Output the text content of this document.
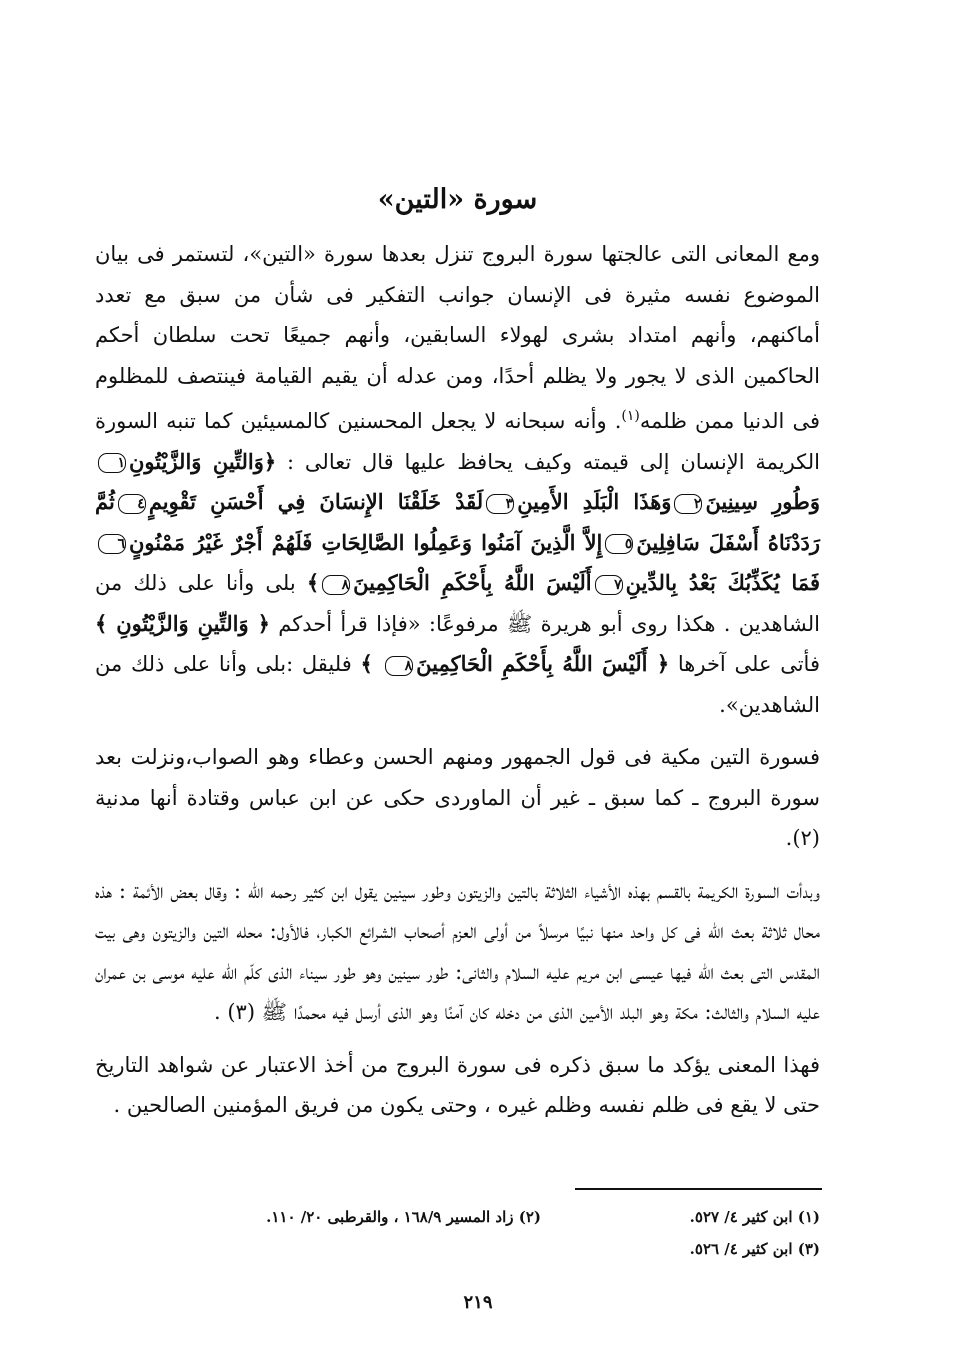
سورة «التين»

ومع المعانى التى عالجتها سورة البروج تنزل بعدها سورة «التين»، لتستمر فى بيان الموضوع نفسه مثيرة فى الإنسان جوانب التفكير فى شأن من سبق مع تعدد أماكنهم، وأنهم امتداد بشرى لهولاء السابقين، وأنهم جميعًا تحت سلطان أحكم الحاكمين الذى لا يجور ولا يظلم أحدًا، ومن عدله أن يقيم القيامة فينتصف للمظلوم فى الدنيا ممن ظلمه$^{(١)}$. وأنه سبحانه لا يجعل المحسنين كالمسيئين كما تنبه السورة الكريمة الإنسان إلى قيمته وكيف يحافظ عليها قال تعالى : ﴿وَالتِّينِ وَالزَّيْتُونِ١وَطُورِ سِينِينَ٢وَهَذَا الْبَلَدِ الأَمِينِ٣لَقَدْ خَلَقْنَا الإِنسَانَ فِي أَحْسَنِ تَقْوِيمٍ٤ثُمَّ رَدَدْنَاهُ أَسْفَلَ سَافِلِينَ٥إِلاَّ الَّذِينَ آمَنُوا وَعَمِلُوا الصَّالِحَاتِ فَلَهُمْ أَجْرٌ غَيْرُ مَمْنُونٍ٦فَمَا يُكَذِّبُكَ بَعْدُ بِالدِّينِ٧أَلَيْسَ اللَّهُ بِأَحْكَمِ الْحَاكِمِينَ٨﴾ بلى وأنا على ذلك من الشاهدين . هكذا روى أبو هريرة ﷺ مرفوعًا: «فإذا قرأ أحدكم ﴿ وَالتِّينِ وَالزَّيْتُونِ ﴾ فأتى على آخرها ﴿ أَلَيْسَ اللَّهُ بِأَحْكَمِ الْحَاكِمِينَ٨ ﴾ فليقل :بلى وأنا على ذلك من الشاهدين».

فسورة التين مكية فى قول الجمهور ومنهم الحسن وعطاء وهو الصواب،ونزلت بعد سورة البروج ـ كما سبق ـ غير أن الماوردى حكى عن ابن عباس وقتادة أنها مدنية (٢).

وبدأت السورة الكريمة بالقسم بهذه الأشياء الثلاثة بالتين والزيتون وطور سينين يقول ابن كثير رحمه الله : وقال بعض الأئمة : هذه محال ثلاثة بعث الله فى كل واحد منها نبيًا مرسلاً من أولى العزم أصحاب الشرائع الكبار، فالأول: محله التين والزيتون وهى بيت المقدس التى بعث الله فيها عيسى ابن مريم عليه السلام والثانى: طور سينين وهو طور سيناء الذى كلّم الله عليه موسى بن عمران عليه السلام والثالث: مكة وهو البلد الأمين الذى من دخله كان آمنًا وهو الذى أرسل فيه محمدًا ﷺ (٣) .

فهذا المعنى يؤكد ما سبق ذكره فى سورة البروج من أخذ الاعتبار عن شواهد التاريخ حتى لا يقع فى ظلم نفسه وظلم غيره ، وحتى يكون من فريق المؤمنين الصالحين .

(١) ابن كثير ٤/ ٥٢٧.
(٢) زاد المسير ١٦٨/٩ ، والقرطبى ٢٠/ ١١٠.
(٣) ابن كثير ٤/ ٥٢٦.
٢١٩
